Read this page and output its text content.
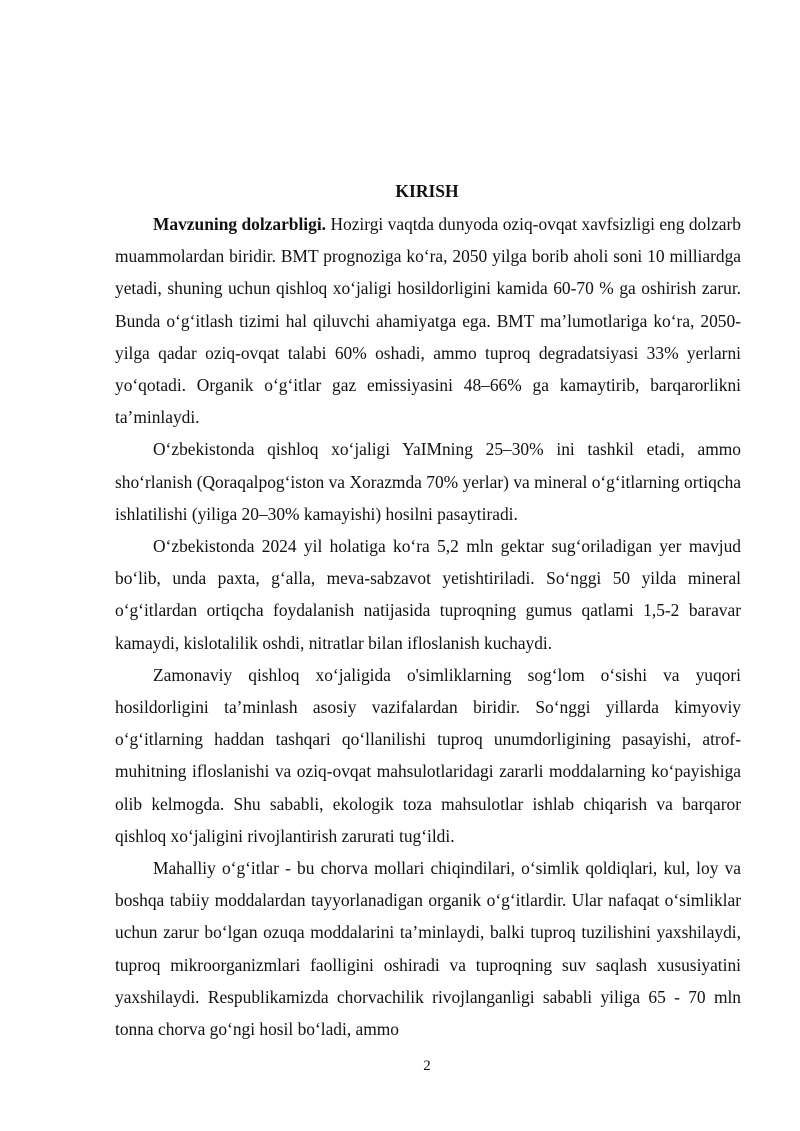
KIRISH

Mavzuning dolzarbligi. Hozirgi vaqtda dunyoda oziq-ovqat xavfsizligi eng dolzarb muammolardan biridir. BMT prognoziga koʻra, 2050 yilga borib aholi soni 10 milliardga yetadi, shuning uchun qishloq xoʻjaligi hosildorligini kamida 60-70 % ga oshirish zarur. Bunda oʻgʻitlash tizimi hal qiluvchi ahamiyatga ega. BMT maʼlumotlariga koʻra, 2050-yilga qadar oziq-ovqat talabi 60% oshadi, ammo tuproq degradatsiyasi 33% yerlarni yoʻqotadi. Organik oʻgʻitlar gaz emissiyasini 48–66% ga kamaytirib, barqarorlikni taʼminlaydi.

Oʻzbekistonda qishloq xoʻjaligi YaIMning 25–30% ini tashkil etadi, ammo shoʻrlanish (Qoraqalpogʻiston va Xorazmda 70% yerlar) va mineral oʻgʻitlarning ortiqcha ishlatilishi (yiliga 20–30% kamayishi) hosilni pasaytiradi.

Oʻzbekistonda 2024 yil holatiga koʻra 5,2 mln gektar sugʻoriladigan yer mavjud boʻlib, unda paxta, gʻalla, meva-sabzavot yetishtiriladi. Soʻnggi 50 yilda mineral oʻgʻitlardan ortiqcha foydalanish natijasida tuproqning gumus qatlami 1,5-2 baravar kamaydi, kislotalilik oshdi, nitratlar bilan ifloslanish kuchaydi.

Zamonaviy qishloq xoʻjaligida o'simliklarning sogʻlom oʻsishi va yuqori hosildorligini taʼminlash asosiy vazifalardan biridir. Soʻnggi yillarda kimyoviy oʻgʻitlarning haddan tashqari qoʻllanilishi tuproq unumdorligining pasayishi, atrof-muhitning ifloslanishi va oziq-ovqat mahsulotlaridagi zararli moddalarning koʻpayishiga olib kelmogda. Shu sababli, ekologik toza mahsulotlar ishlab chiqarish va barqaror qishloq xoʻjaligini rivojlantirish zarurati tugʻildi.

Mahalliy oʻgʻitlar - bu chorva mollari chiqindilari, oʻsimlik qoldiqlari, kul, loy va boshqa tabiiy moddalardan tayyorlanadigan organik oʻgʻitlardir. Ular nafaqat oʻsimliklar uchun zarur boʻlgan ozuqa moddalarini taʼminlaydi, balki tuproq tuzilishini yaxshilaydi, tuproq mikroorganizmlari faolligini oshiradi va tuproqning suv saqlash xususiyatini yaxshilaydi. Respublikamizda chorvachilik rivojlanganligi sababli yiliga 65 - 70 mln tonna chorva goʻngi hosil boʻladi, ammo

2
